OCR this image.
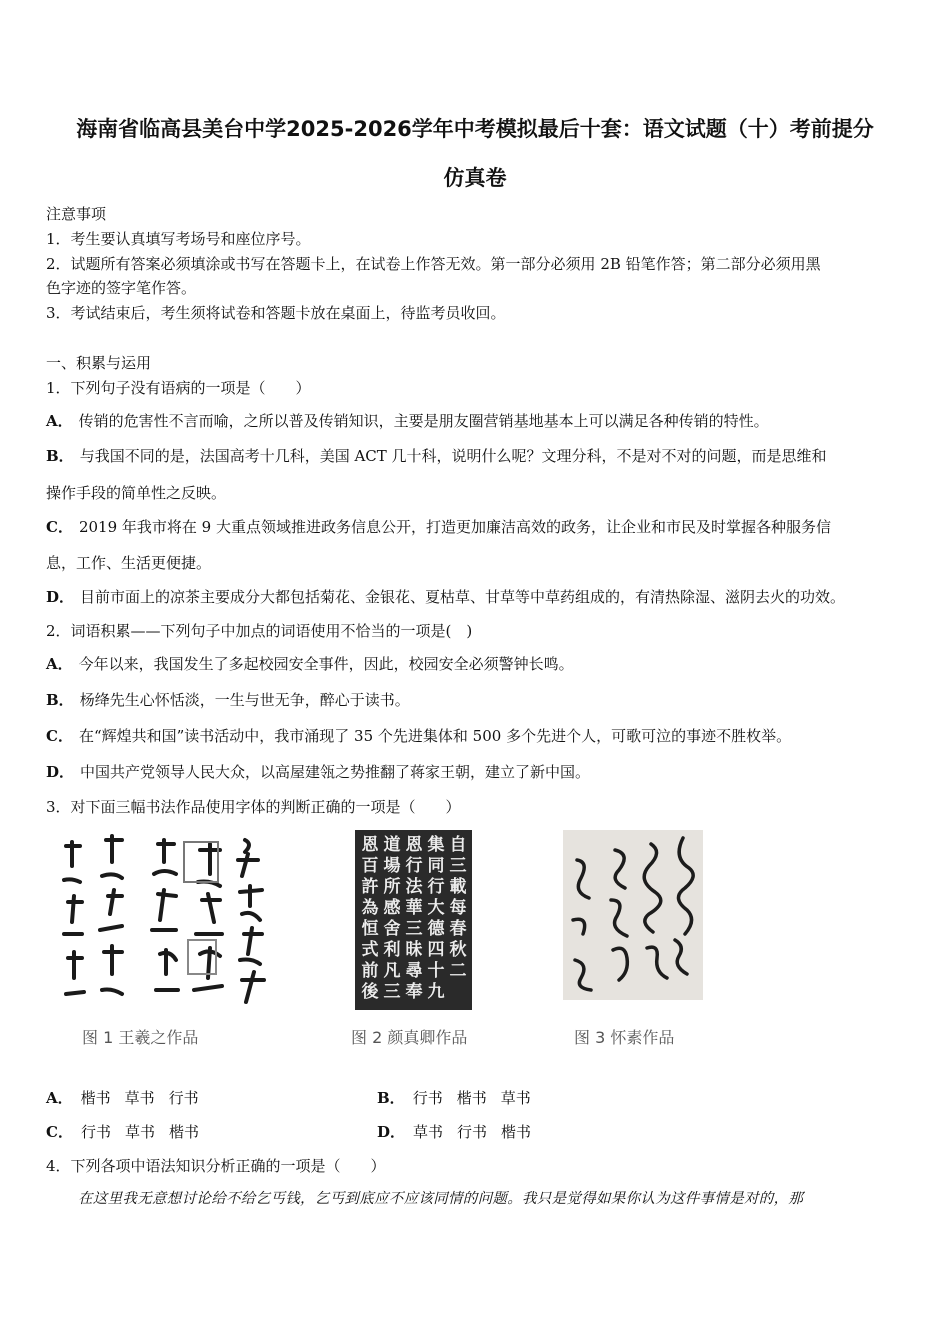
海南省临高县美台中学2025-2026学年中考模拟最后十套：语文试题（十）考前提分
仿真卷
注意事项
1．考生要认真填写考场号和座位序号。
2．试题所有答案必须填涂或书写在答题卡上，在试卷上作答无效。第一部分必须用 2B 铅笔作答；第二部分必须用黑
色字迹的签字笔作答。
3．考试结束后，考生须将试卷和答题卡放在桌面上，待监考员收回。
一、积累与运用
1．下列句子没有语病的一项是（　　）
A． 传销的危害性不言而喻，之所以普及传销知识，主要是朋友圈营销基地基本上可以满足各种传销的特性。
B． 与我国不同的是，法国高考十几科，美国 ACT 几十科，说明什么呢？文理分科，不是对不对的问题，而是思维和
操作手段的简单性之反映。
C． 2019 年我市将在 9 大重点领域推进政务信息公开，打造更加廉洁高效的政务，让企业和市民及时掌握各种服务信
息，工作、生活更便捷。
D． 目前市面上的凉茶主要成分大都包括菊花、金银花、夏枯草、甘草等中草药组成的，有清热除湿、滋阴去火的功效。
2．词语积累——下列句子中加点的词语使用不恰当的一项是(　)
A． 今年以来，我国发生了多起校园安全事件，因此，校园安全必须警钟长鸣。
B． 杨绛先生心怀恬淡，一生与世无争，醉心于读书。
C． 在“辉煌共和国”读书活动中，我市涌现了 35 个先进集体和 500 多个先进个人，可歌可泣的事迹不胜枚举。
D． 中国共产党领导人民大众，以高屋建瓴之势推翻了蒋家王朝，建立了新中国。
3．对下面三幅书法作品使用字体的判断正确的一项是（　　）
自
三
載
每
春
秋
二
集
同
行
大
德
四
十
九
恩
行
法
華
三
昧
尋
奉
道
場
所
感
舍
利
凡
三
恩
百
許
為
恒
式
前
後
图 1 王羲之作品	图 2 颜真卿作品	图 3 怀素作品
A． 楷书 草书 行书	B． 行书 楷书 草书
C． 行书 草书 楷书	D． 草书 行书 楷书
4．下列各项中语法知识分析正确的一项是（　　）
在这里我无意想讨论给不给乞丐钱，乞丐到底应不应该同情的问题。我只是觉得如果你认为这件事情是对的，那
